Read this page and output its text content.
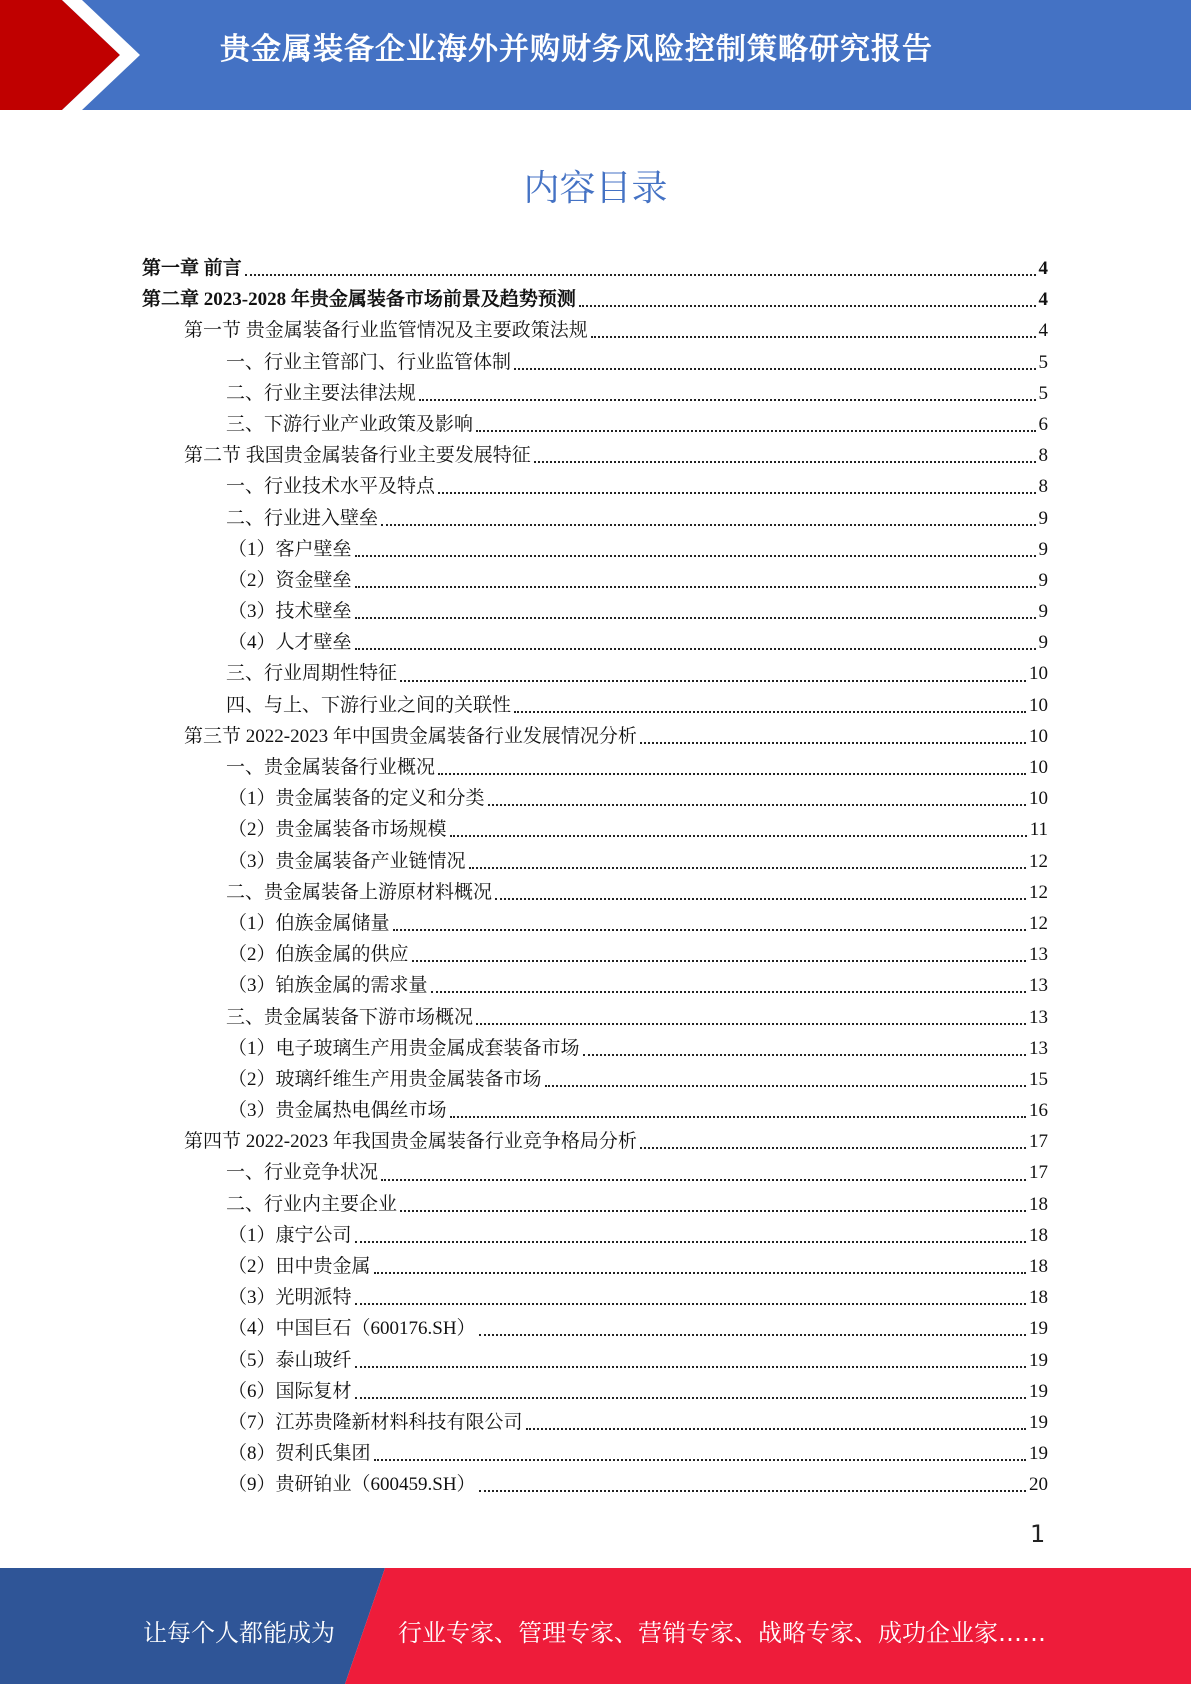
贵金属装备企业海外并购财务风险控制策略研究报告
内容目录
第一章 前言	4
第二章 2023-2028 年贵金属装备市场前景及趋势预测	4
第一节 贵金属装备行业监管情况及主要政策法规	4
一、行业主管部门、行业监管体制	5
二、行业主要法律法规	5
三、下游行业产业政策及影响	6
第二节 我国贵金属装备行业主要发展特征	8
一、行业技术水平及特点	8
二、行业进入壁垒	9
（1）客户壁垒	9
（2）资金壁垒	9
（3）技术壁垒	9
（4）人才壁垒	9
三、行业周期性特征	10
四、与上、下游行业之间的关联性	10
第三节 2022-2023 年中国贵金属装备行业发展情况分析	10
一、贵金属装备行业概况	10
（1）贵金属装备的定义和分类	10
（2）贵金属装备市场规模	11
（3）贵金属装备产业链情况	12
二、贵金属装备上游原材料概况	12
（1）伯族金属储量	12
（2）伯族金属的供应	13
（3）铂族金属的需求量	13
三、贵金属装备下游市场概况	13
（1）电子玻璃生产用贵金属成套装备市场	13
（2）玻璃纤维生产用贵金属装备市场	15
（3）贵金属热电偶丝市场	16
第四节 2022-2023 年我国贵金属装备行业竞争格局分析	17
一、行业竞争状况	17
二、行业内主要企业	18
（1）康宁公司	18
（2）田中贵金属	18
（3）光明派特	18
（4）中国巨石（600176.SH）	19
（5）泰山玻纤	19
（6）国际复材	19
（7）江苏贵隆新材料科技有限公司	19
（8）贺利氏集团	19
（9）贵研铂业（600459.SH）	20
1
让每个人都能成为	行业专家、管理专家、营销专家、战略专家、成功企业家……
